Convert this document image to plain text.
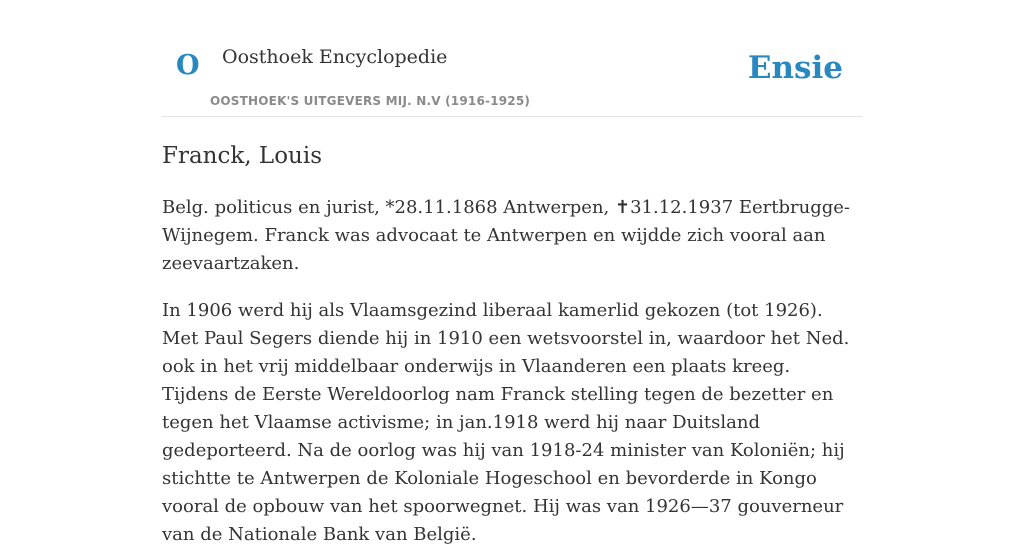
O Oosthoek Encyclopedie
OOSTHOEK'S UITGEVERS MIJ. N.V (1916-1925)
Ensie
Franck, Louis

Belg. politicus en jurist, *28.11.1868 Antwerpen, ✝31.12.1937 Eertbrugge-Wijnegem. Franck was advocaat te Antwerpen en wijdde zich vooral aan zeevaartzaken.

In 1906 werd hij als Vlaamsgezind liberaal kamerlid gekozen (tot 1926). Met Paul Segers diende hij in 1910 een wetsvoorstel in, waardoor het Ned. ook in het vrij middelbaar onderwijs in Vlaanderen een plaats kreeg. Tijdens de Eerste Wereldoorlog nam Franck stelling tegen de bezetter en tegen het Vlaamse activisme; in jan.1918 werd hij naar Duitsland gedeporteerd. Na de oorlog was hij van 1918-24 minister van Koloniën; hij stichtte te Antwerpen de Koloniale Hogeschool en bevorderde in Kongo vooral de opbouw van het spoorwegnet. Hij was van 1926—37 gouverneur van de Nationale Bank van België.
